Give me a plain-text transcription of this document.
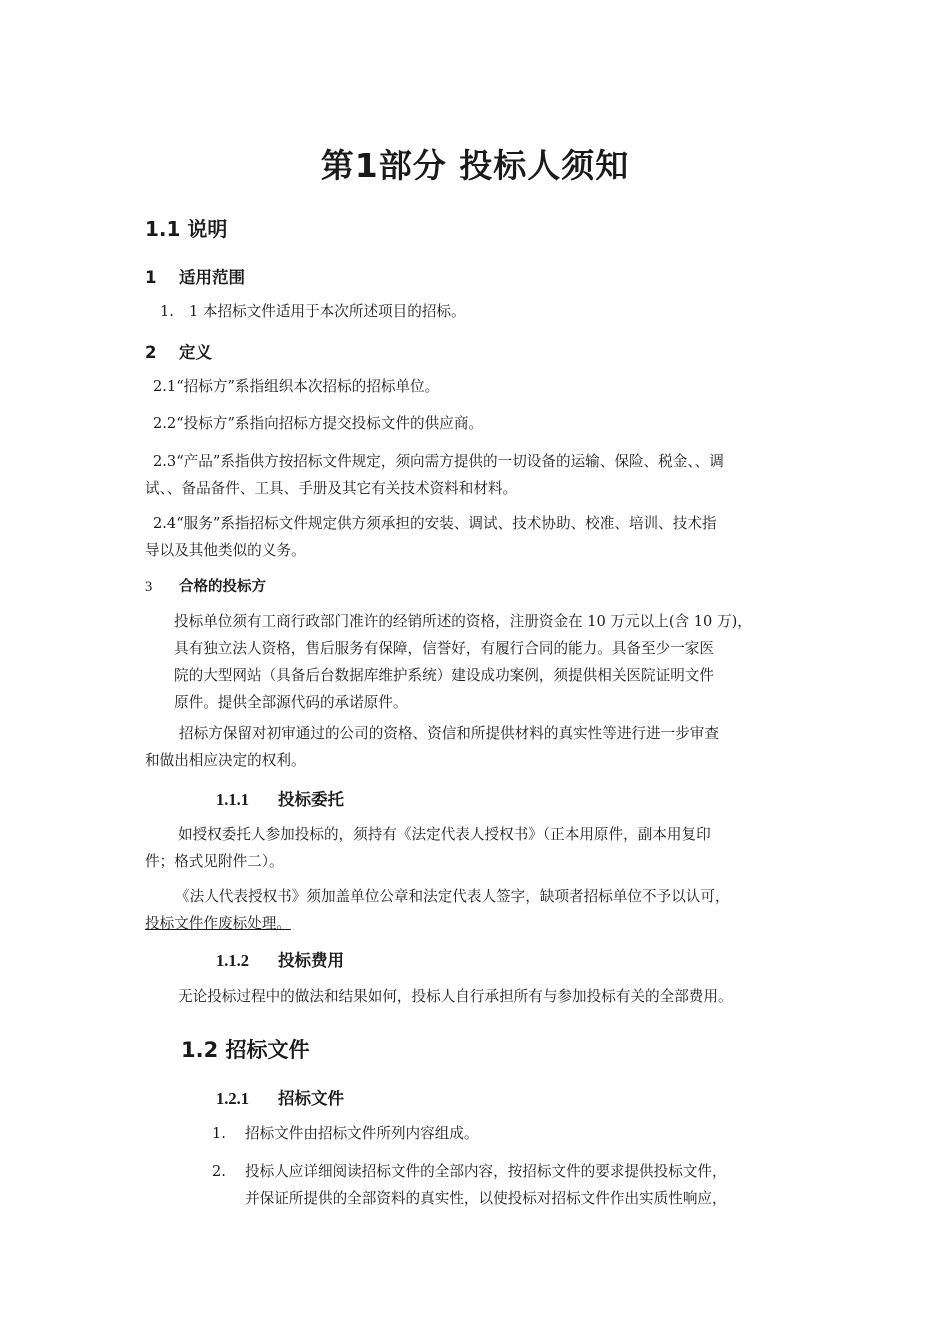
第1部分 投标人须知
1.1 说明
1 适用范围
1. 1 本招标文件适用于本次所述项目的招标。
2 定义
2.1“招标方”系指组织本次招标的招标单位。
2.2“投标方”系指向招标方提交投标文件的供应商。
2.3“产品”系指供方按招标文件规定，须向需方提供的一切设备的运输、保险、税金、、调
试、、备品备件、工具、手册及其它有关技术资料和材料。
2.4“服务”系指招标文件规定供方须承担的安装、调试、技术协助、校准、培训、技术指
导以及其他类似的义务。
3 合格的投标方
投标单位须有工商行政部门准许的经销所述的资格，注册资金在 10 万元以上(含 10 万)，
具有独立法人资格，售后服务有保障，信誉好，有履行合同的能力。具备至少一家医
院的大型网站（具备后台数据库维护系统）建设成功案例，须提供相关医院证明文件
原件。提供全部源代码的承诺原件。
招标方保留对初审通过的公司的资格、资信和所提供材料的真实性等进行进一步审查
和做出相应决定的权利。
1.1.1 投标委托
如授权委托人参加投标的，须持有《法定代表人授权书》（正本用原件，副本用复印
件；格式见附件二）。
《法人代表授权书》须加盖单位公章和法定代表人签字，缺项者招标单位不予以认可，
投标文件作废标处理。
1.1.2 投标费用
无论投标过程中的做法和结果如何，投标人自行承担所有与参加投标有关的全部费用。
1.2 招标文件
1.2.1 招标文件
1. 招标文件由招标文件所列内容组成。
2. 投标人应详细阅读招标文件的全部内容，按招标文件的要求提供投标文件，
并保证所提供的全部资料的真实性，以使投标对招标文件作出实质性响应，
